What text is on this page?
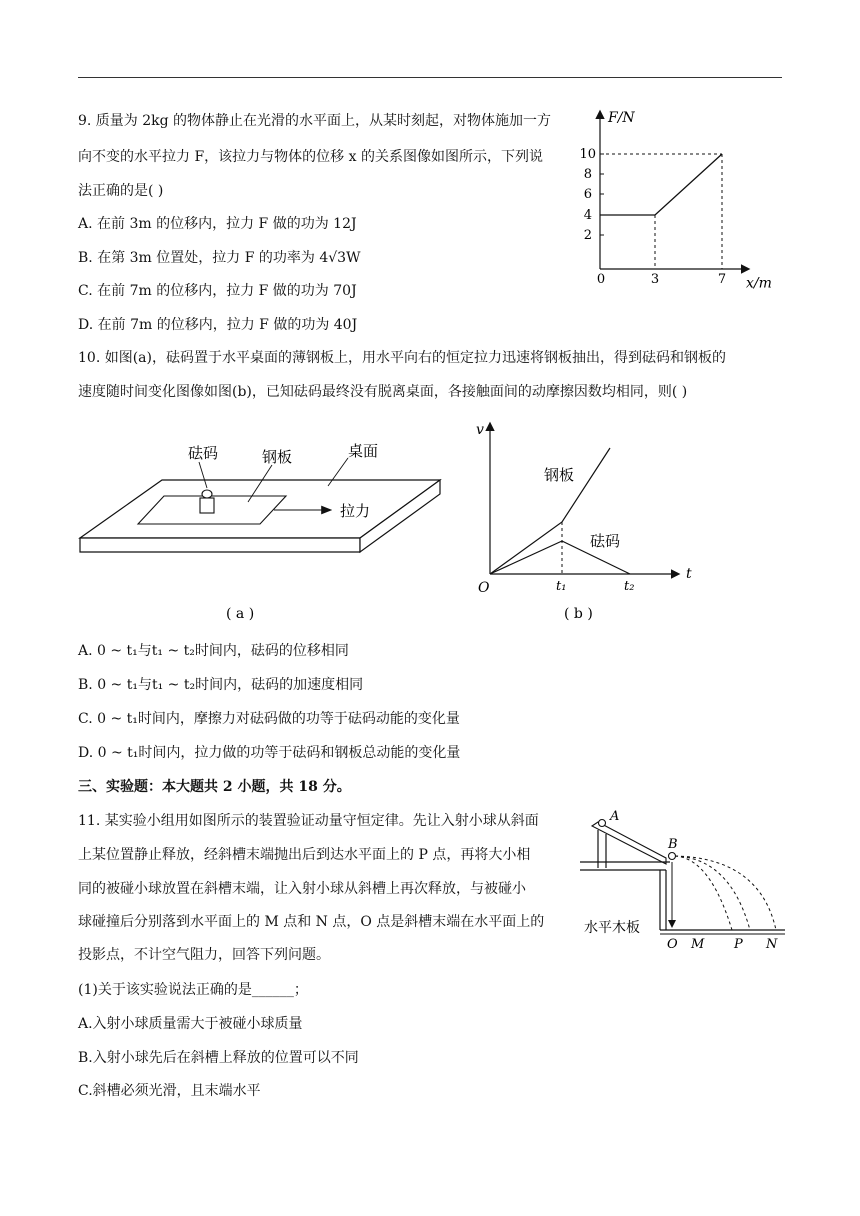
9. 质量为 2kg 的物体静止在光滑的水平面上，从某时刻起，对物体施加一方
向不变的水平拉力 F，该拉力与物体的位移 x 的关系图像如图所示，下列说
法正确的是( )
A. 在前 3m 的位移内，拉力 F 做的功为 12J
B. 在第 3m 位置处，拉力 F 的功率为 4√3W
C. 在前 7m 的位移内，拉力 F 做的功为 70J
D. 在前 7m 的位移内，拉力 F 做的功为 40J
2
4
6
8
10
0	3	7
F/N
x/m
10. 如图(a)，砝码置于水平桌面的薄钢板上，用水平向右的恒定拉力迅速将钢板抽出，得到砝码和钢板的
速度随时间变化图像如图(b)，已知砝码最终没有脱离桌面，各接触面间的动摩擦因数均相同，则( )
砝码	钢板	桌面
拉力
( a )
v
t
O	t₁	t₂
钢板
砝码
( b )
A. 0 ~ t₁与t₁ ~ t₂时间内，砝码的位移相同
B. 0 ~ t₁与t₁ ~ t₂时间内，砝码的加速度相同
C. 0 ~ t₁时间内，摩擦力对砝码做的功等于砝码动能的变化量
D. 0 ~ t₁时间内，拉力做的功等于砝码和钢板总动能的变化量
三、实验题：本大题共 2 小题，共 18 分。
11. 某实验小组用如图所示的装置验证动量守恒定律。先让入射小球从斜面
上某位置静止释放，经斜槽末端抛出后到达水平面上的 P 点，再将大小相
同的被碰小球放置在斜槽末端，让入射小球从斜槽上再次释放，与被碰小
球碰撞后分别落到水平面上的 M 点和 N 点，O 点是斜槽末端在水平面上的
投影点，不计空气阻力，回答下列问题。
(1)关于该实验说法正确的是______；
A.入射小球质量需大于被碰小球质量
B.入射小球先后在斜槽上释放的位置可以不同
C.斜槽必须光滑，且末端水平
A
B
水平木板
O M P N
